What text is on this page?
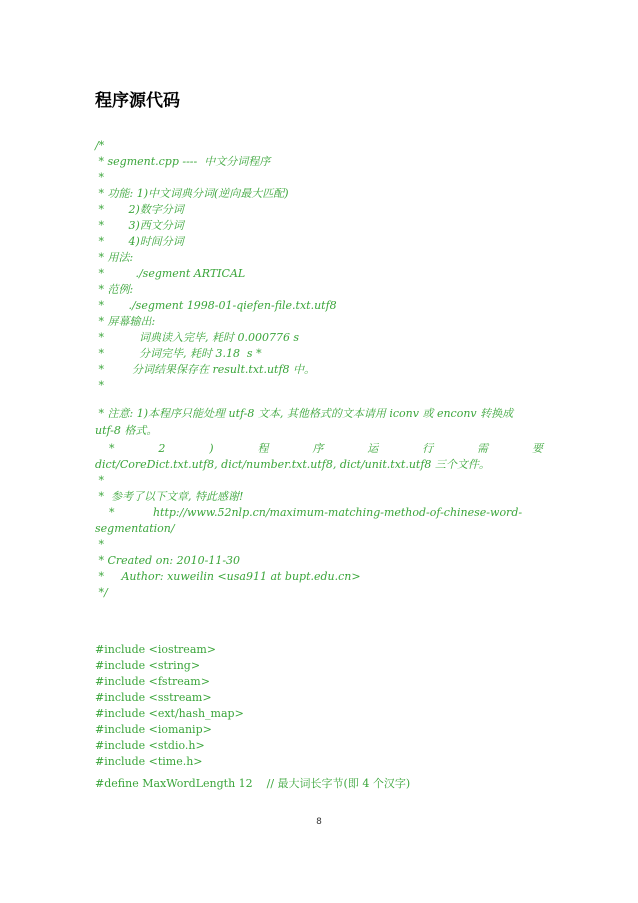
程序源代码
/*
* segment.cpp ----  中文分词程序
*
* 功能: 1)中文词典分词(逆向最大匹配)
*       2)数字分词
*       3)西文分词
*       4)时间分词
* 用法:
*         ./segment ARTICAL
* 范例:
*       ./segment 1998-01-qiefen-file.txt.utf8
* 屏幕输出:
*          词典读入完毕, 耗时 0.000776 s
*          分词完毕, 耗时 3.18  s *
*        分词结果保存在 result.txt.utf8 中。
*
* 注意: 1)本程序只能处理 utf-8 文本, 其他格式的文本请用 iconv 或 enconv 转换成
utf-8 格式。
*	2	)	程	序	运	行	需	要
dict/CoreDict.txt.utf8, dict/number.txt.utf8, dict/unit.txt.utf8 三个文件。
*
*  参考了以下文章, 特此感谢!
*           http://www.52nlp.cn/maximum-matching-method-of-chinese-word-
segmentation/
*
* Created on: 2010-11-30
*     Author: xuweilin <usa911 at bupt.edu.cn>
*/

#include <iostream>
#include <string>
#include <fstream>
#include <sstream>
#include <ext/hash_map>
#include <iomanip>
#include <stdio.h>
#include <time.h>

#define MaxWordLength 12    // 最大词长字节(即 4 个汉字)
8
